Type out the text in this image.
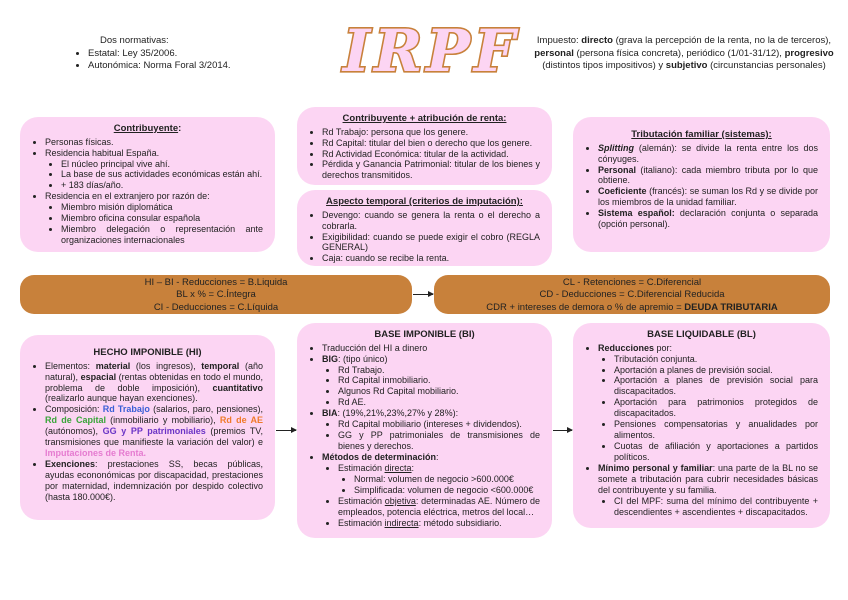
IRPF
Dos normativas:
• Estatal: Ley 35/2006.
• Autonómica: Norma Foral 3/2014.
Impuesto: directo (grava la percepción de la renta, no la de terceros), personal (persona física concreta), periódico (1/01-31/12), progresivo (distintos tipos impositivos) y subjetivo (circunstancias personales)
Contribuyente:
• Personas físicas.
• Residencia habitual España.
• El núcleo principal vive ahí.
• La base de sus actividades económicas están ahí.
• + 183 días/año.
• Residencia en el extranjero por razón de:
• Miembro misión diplomática
• Miembro oficina consular española
• Miembro delegación o representación ante organizaciones internacionales
Contribuyente + atribución de renta:
• Rd Trabajo: persona que los genere.
• Rd Capital: titular del bien o derecho que los genere.
• Rd Actividad Económica: titular de la actividad.
• Pérdida y Ganancia Patrimonial: titular de los bienes y derechos transmitidos.
Aspecto temporal (criterios de imputación):
• Devengo: cuando se genera la renta o el derecho a cobrarla.
• Exigibilidad: cuando se puede exigir el cobro (REGLA GENERAL)
• Caja: cuando se recibe la renta.
Tributación familiar (sistemas):
• Splitting (alemán): se divide la renta entre los dos cónyuges.
• Personal (italiano): cada miembro tributa por lo que obtiene.
• Coeficiente (francés): se suman los Rd y se divide por los miembros de la unidad familiar.
• Sistema español: declaración conjunta o separada (opción personal).
HI – BI - Reducciones = B.Liquida
BL x % = C.Íntegra
CI - Deducciones = C.Líquida
CL - Retenciones = C.Diferencial
CD - Deducciones = C.Diferencial Reducida
CDR + intereses de demora o % de apremio = DEUDA TRIBUTARIA
HECHO IMPONIBLE (HI)
• Elementos: material (los ingresos), temporal (año natural), espacial (rentas obtenidas en todo el mundo, problema de doble imposición), cuantitativo (realizarlo aunque hayan exenciones).
• Composición: Rd Trabajo (salarios, paro, pensiones), Rd de Capital (inmobiliario y mobiliario), Rd de AE (autónomos), GG y PP patrimoniales (premios TV, transmisiones que manifieste la variación del valor) e Imputaciones de Renta.
• Exenciones: prestaciones SS, becas públicas, ayudas econonómicas por discapacidad, prestaciones por maternidad, indemnización por despido colectivo (hasta 180.000€).
BASE IMPONIBLE (BI)
• Traducción del HI a dinero
• BIG: (tipo único)
• Rd Trabajo.
• Rd Capital inmobiliario.
• Algunos Rd Capital mobiliario.
• Rd AE.
• BIA: (19%,21%,23%,27% y 28%):
• Rd Capital mobiliario (intereses + dividendos).
• GG y PP patrimoniales de transmisiones de bienes y derechos.
• Métodos de determinación:
• Estimación directa:
• Normal: volumen de negocio >600.000€
• Simplificada: volumen de negocio <600.000€
• Estimación objetiva: determinadas AE. Número de empleados, potencia eléctrica, metros del local…
• Estimación indirecta: método subsidiario.
BASE LIQUIDABLE (BL)
• Reducciones por:
• Tributación conjunta.
• Aportación a planes de previsión social.
• Aportación a planes de previsión social para discapacitados.
• Aportación para patrimonios protegidos de discapacitados.
• Pensiones compensatorias y anualidades por alimentos.
• Cuotas de afiliación y aportaciones a partidos políticos.
• Mínimo personal y familiar: una parte de la BL no se somete a tributación para cubrir necesidades básicas del contribuyente y su familia.
• CI del MPF: suma del mínimo del contribuyente + descendientes + ascendientes + discapacitados.
